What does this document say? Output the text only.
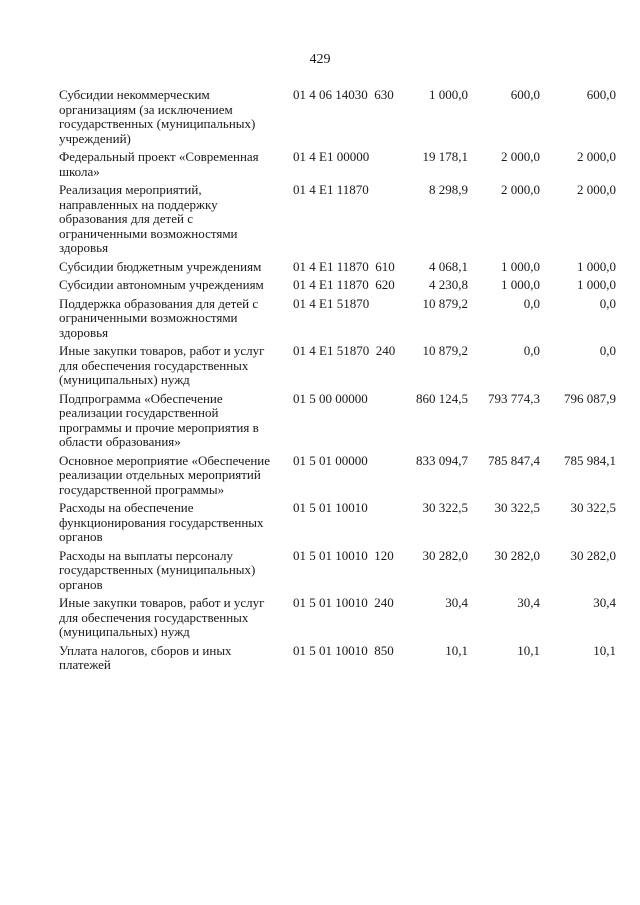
429
Субсидии некоммерческим организациям (за исключением государственных (муниципальных) учреждений)
01 4 06 14030  630	1 000,0	600,0	600,0
Федеральный проект «Современная школа»
01 4 E1 00000	19 178,1	2 000,0	2 000,0
Реализация мероприятий, направленных на поддержку образования для детей с ограниченными возможностями здоровья
01 4 E1 11870	8 298,9	2 000,0	2 000,0
Субсидии бюджетным учреждениям	01 4 E1 11870  610	4 068,1	1 000,0	1 000,0
Субсидии автономным учреждениям	01 4 E1 11870  620	4 230,8	1 000,0	1 000,0
Поддержка образования для детей с ограниченными возможностями здоровья
01 4 E1 51870	10 879,2	0,0	0,0
Иные закупки товаров, работ и услуг для обеспечения государственных (муниципальных) нужд
01 4 E1 51870  240	10 879,2	0,0	0,0
Подпрограмма «Обеспечение реализации государственной программы и прочие мероприятия в области образования»
01 5 00 00000	860 124,5	793 774,3	796 087,9
Основное мероприятие «Обеспечение реализации отдельных мероприятий государственной программы»
01 5 01 00000	833 094,7	785 847,4	785 984,1
Расходы на обеспечение функционирования государственных органов
01 5 01 10010	30 322,5	30 322,5	30 322,5
Расходы на выплаты персоналу государственных (муниципальных) органов
01 5 01 10010  120	30 282,0	30 282,0	30 282,0
Иные закупки товаров, работ и услуг для обеспечения государственных (муниципальных) нужд
01 5 01 10010  240	30,4	30,4	30,4
Уплата налогов, сборов и иных платежей
01 5 01 10010  850	10,1	10,1	10,1
